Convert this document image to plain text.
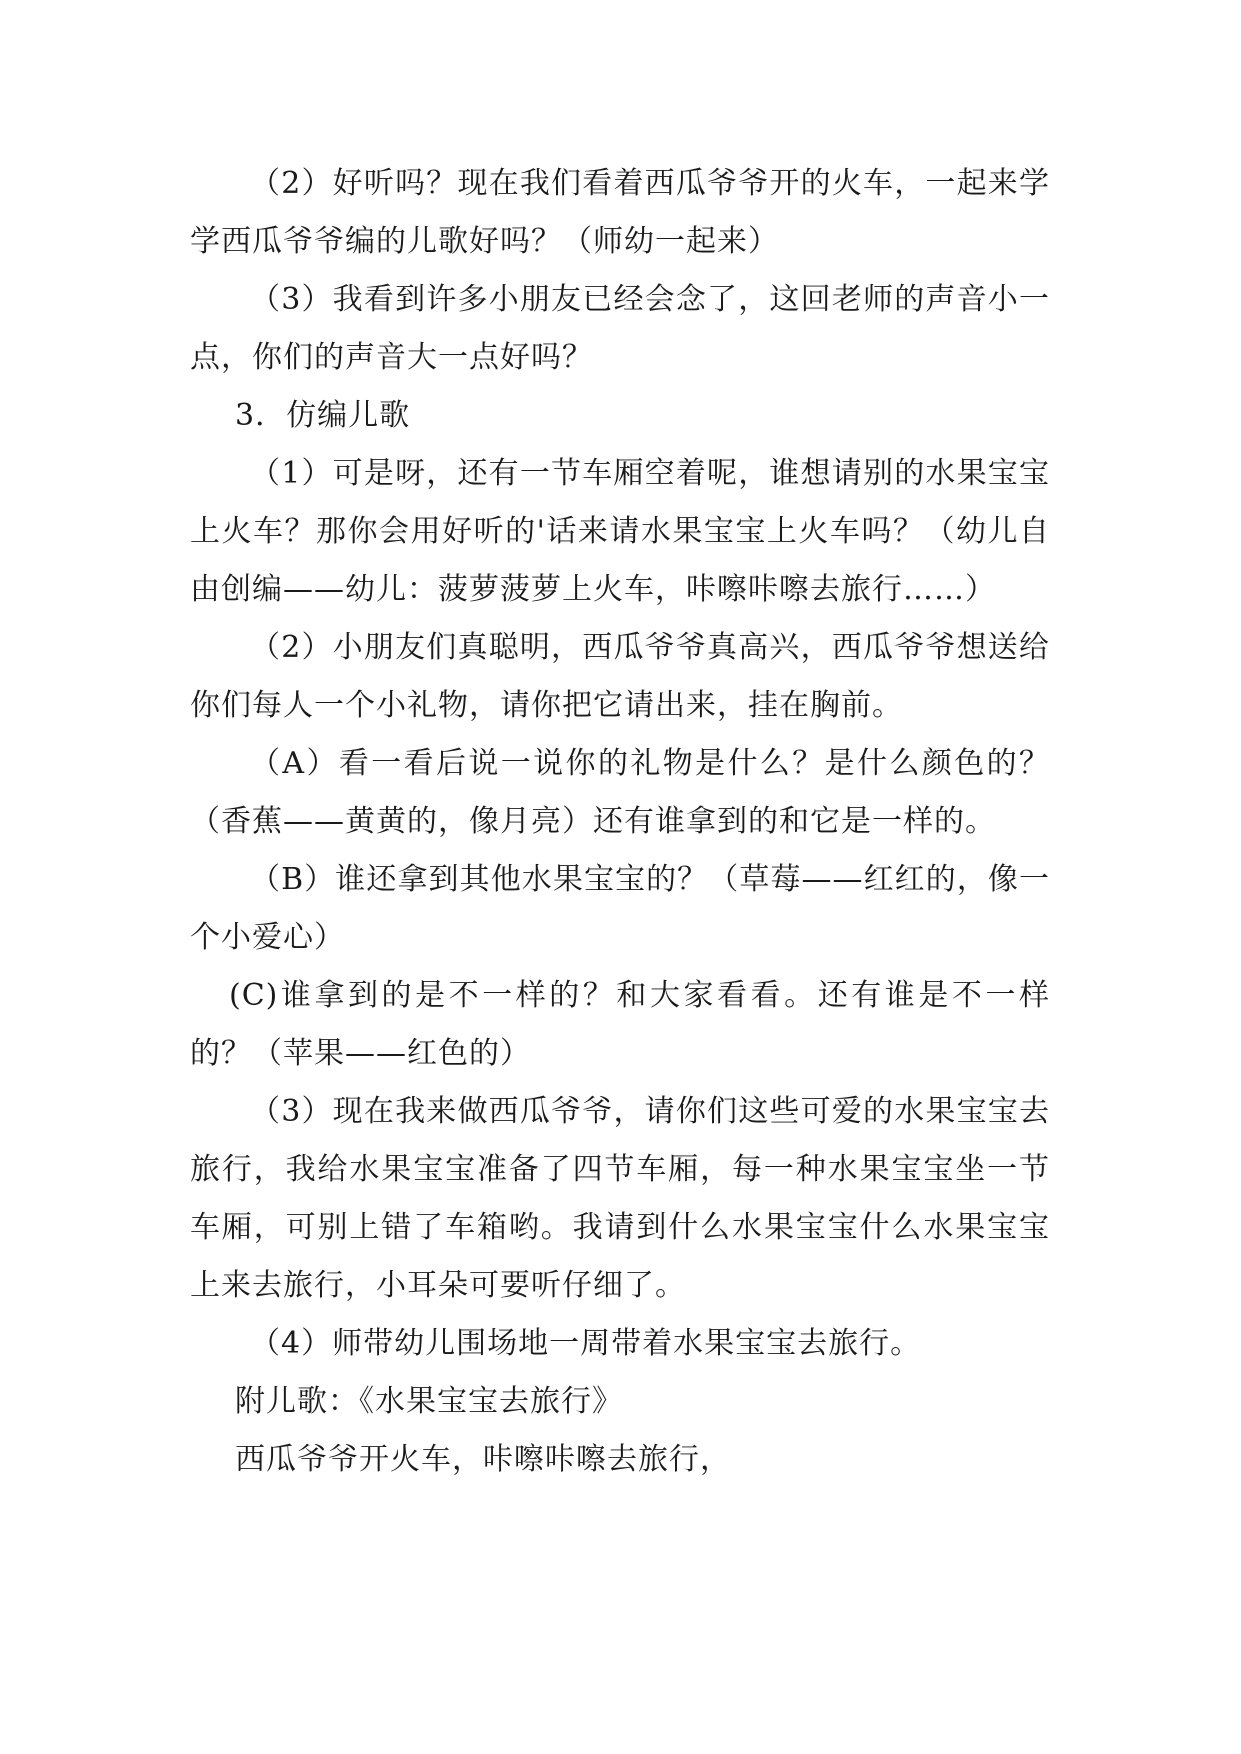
（2）好听吗？现在我们看着西瓜爷爷开的火车，一起来学学西瓜爷爷编的儿歌好吗？（师幼一起来）

（3）我看到许多小朋友已经会念了，这回老师的声音小一点，你们的声音大一点好吗？

3．仿编儿歌

（1）可是呀，还有一节车厢空着呢，谁想请别的水果宝宝上火车？那你会用好听的'话来请水果宝宝上火车吗？（幼儿自由创编——幼儿：菠萝菠萝上火车，咔嚓咔嚓去旅行……）

（2）小朋友们真聪明，西瓜爷爷真高兴，西瓜爷爷想送给你们每人一个小礼物，请你把它请出来，挂在胸前。

（A）看一看后说一说你的礼物是什么？是什么颜色的？（香蕉——黄黄的，像月亮）还有谁拿到的和它是一样的。

（B）谁还拿到其他水果宝宝的？（草莓——红红的，像一个小爱心）

(C)谁拿到的是不一样的？和大家看看。还有谁是不一样的？（苹果——红色的）

（3）现在我来做西瓜爷爷，请你们这些可爱的水果宝宝去旅行，我给水果宝宝准备了四节车厢，每一种水果宝宝坐一节车厢，可别上错了车箱哟。我请到什么水果宝宝什么水果宝宝上来去旅行，小耳朵可要听仔细了。

（4）师带幼儿围场地一周带着水果宝宝去旅行。

附儿歌：《水果宝宝去旅行》

西瓜爷爷开火车，咔嚓咔嚓去旅行，
